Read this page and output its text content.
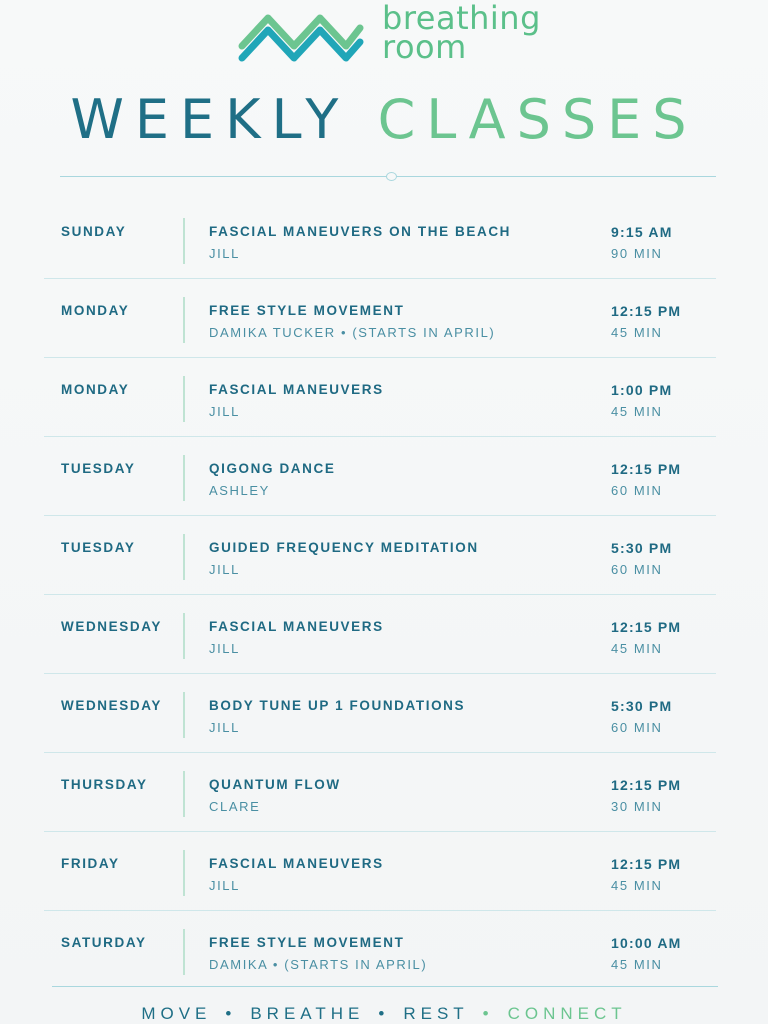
breathing
room
WEEKLY CLASSES
SUNDAY	FASCIAL MANEUVERS ON THE BEACH
JILL
9:15 AM
90 MIN
MONDAY	FREE STYLE MOVEMENT
DAMIKA TUCKER • (STARTS IN APRIL)
12:15 PM
45 MIN
MONDAY	FASCIAL MANEUVERS
JILL
1:00 PM
45 MIN
TUESDAY	QIGONG DANCE
ASHLEY
12:15 PM
60 MIN
TUESDAY	GUIDED FREQUENCY MEDITATION
JILL
5:30 PM
60 MIN
WEDNESDAY	FASCIAL MANEUVERS
JILL
12:15 PM
45 MIN
WEDNESDAY	BODY TUNE UP 1 FOUNDATIONS
JILL
5:30 PM
60 MIN
THURSDAY	QUANTUM FLOW
CLARE
12:15 PM
30 MIN
FRIDAY	FASCIAL MANEUVERS
JILL
12:15 PM
45 MIN
SATURDAY	FREE STYLE MOVEMENT
DAMIKA • (STARTS IN APRIL)
10:00 AM
45 MIN
MOVE • BREATHE • REST • CONNECT
